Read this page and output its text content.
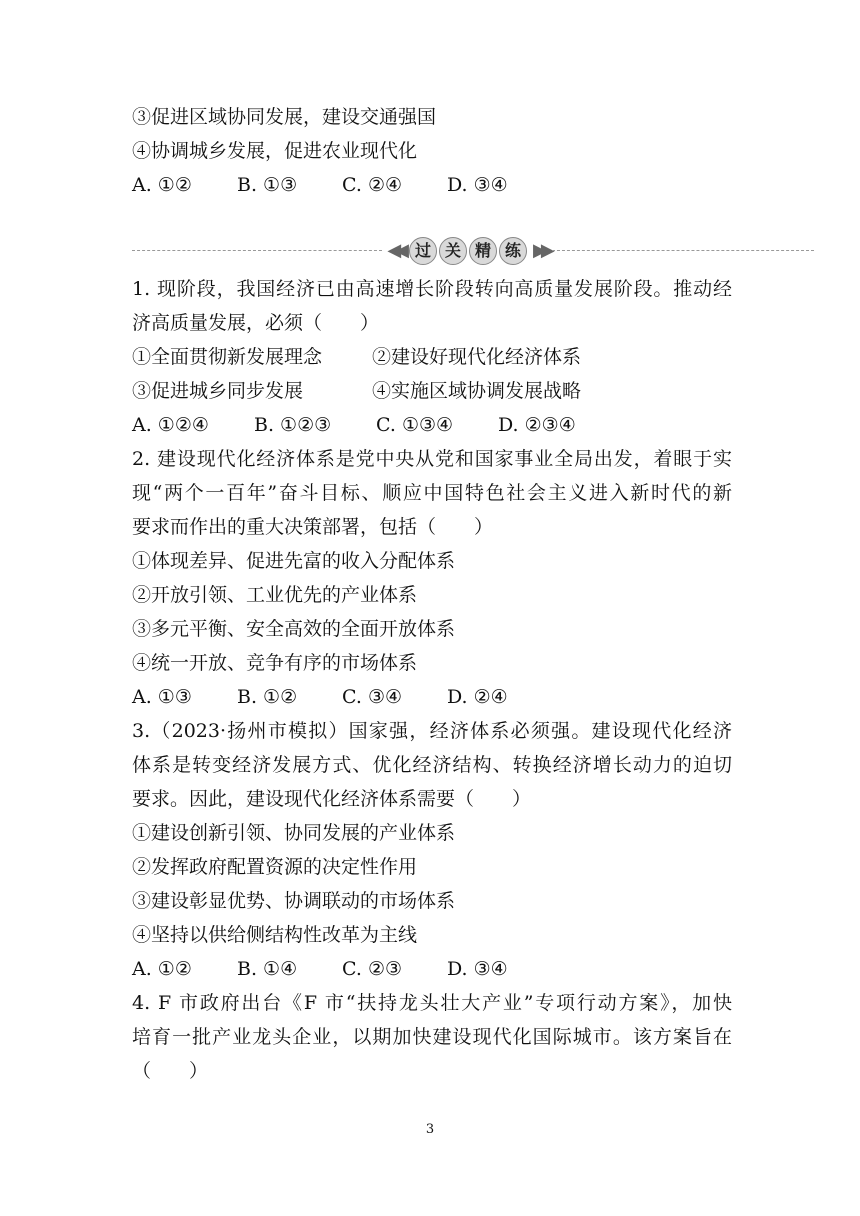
③促进区域协同发展，建设交通强国
④协调城乡发展，促进农业现代化
A. ①② B. ①③ C. ②④ D. ③④
1. 现阶段，我国经济已由高速增长阶段转向高质量发展阶段。推动经
济高质量发展，必须（　　）
①全面贯彻新发展理念	②建设好现代化经济体系
③促进城乡同步发展	④实施区域协调发展战略
A. ①②④ B. ①②③ C. ①③④ D. ②③④
2. 建设现代化经济体系是党中央从党和国家事业全局出发，着眼于实
现“两个一百年”奋斗目标、顺应中国特色社会主义进入新时代的新
要求而作出的重大决策部署，包括（　　）
①体现差异、促进先富的收入分配体系
②开放引领、工业优先的产业体系
③多元平衡、安全高效的全面开放体系
④统一开放、竞争有序的市场体系
A. ①③ B. ①② C. ③④ D. ②④
3.（2023·扬州市模拟）国家强，经济体系必须强。建设现代化经济
体系是转变经济发展方式、优化经济结构、转换经济增长动力的迫切
要求。因此，建设现代化经济体系需要（　　）
①建设创新引领、协同发展的产业体系
②发挥政府配置资源的决定性作用
③建设彰显优势、协调联动的市场体系
④坚持以供给侧结构性改革为主线
A. ①② B. ①④ C. ②③ D. ③④
4. F 市政府出台《F 市“扶持龙头壮大产业”专项行动方案》，加快
培育一批产业龙头企业，以期加快建设现代化国际城市。该方案旨在
（　　）
◀◀ 过 关 精 练 ▶▶
3
